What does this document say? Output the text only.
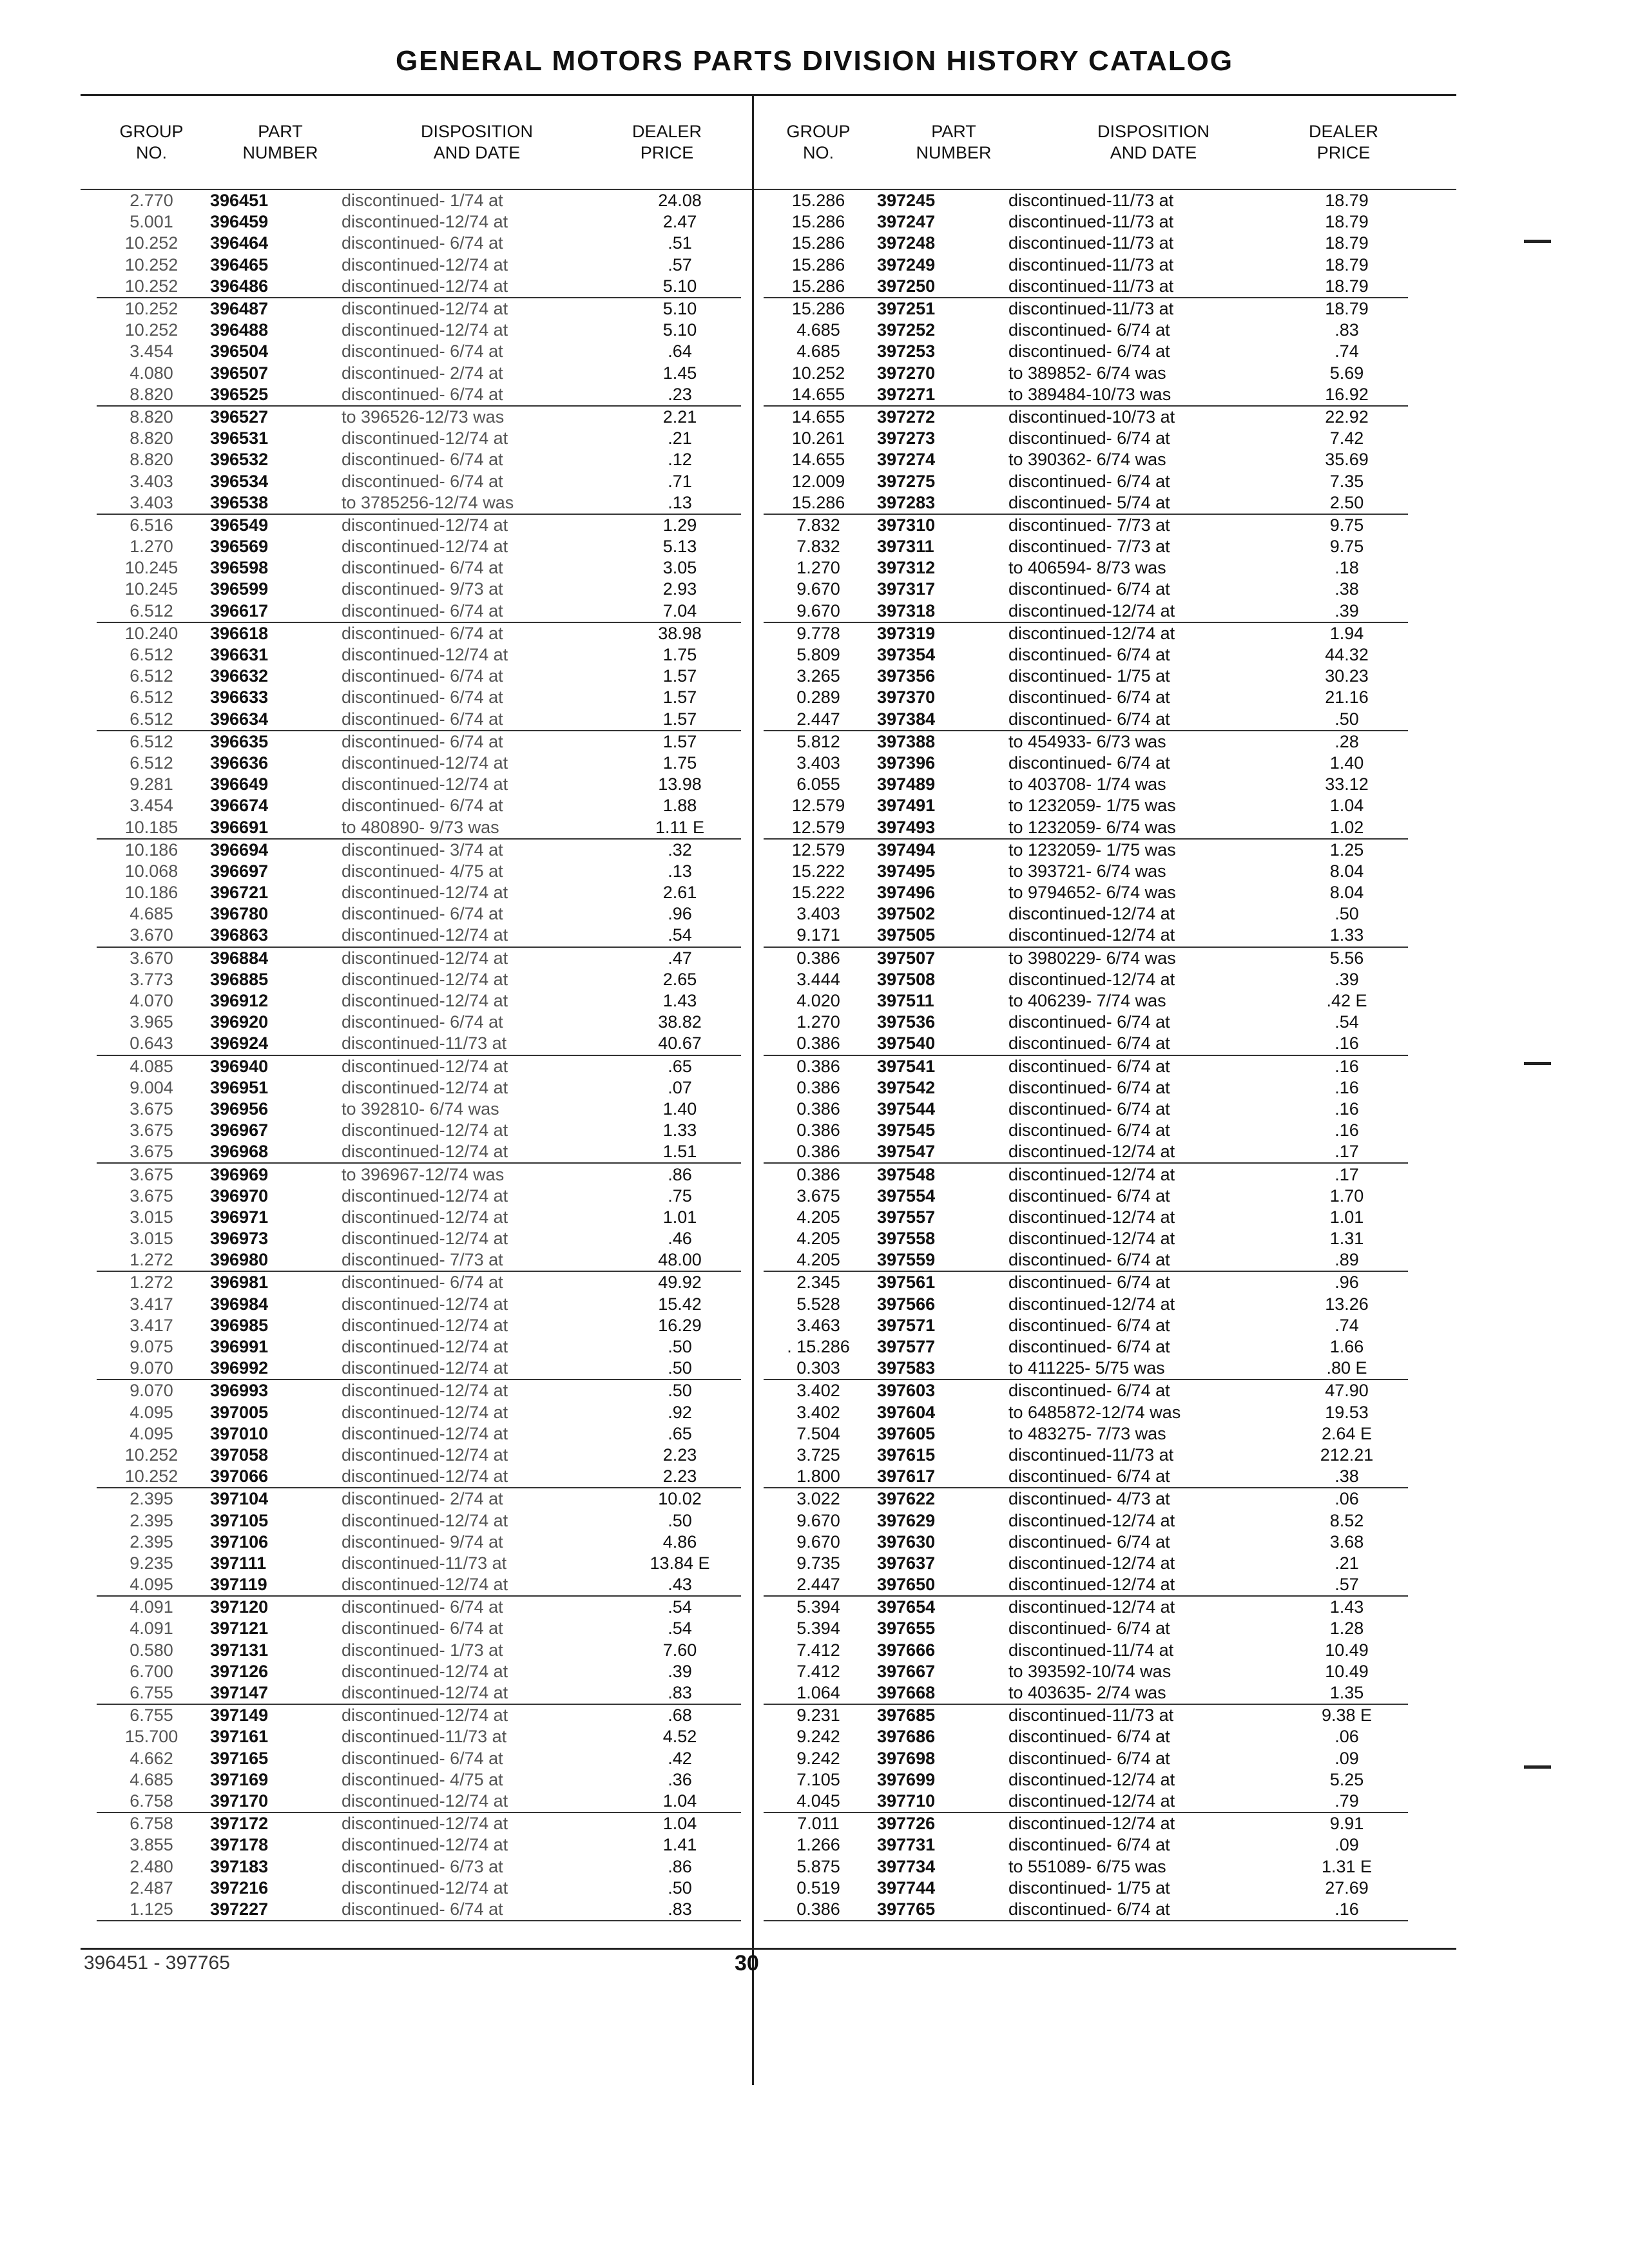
GENERAL MOTORS PARTS DIVISION HISTORY CATALOG
GROUP
NO.
PART
NUMBER
DISPOSITION
AND DATE
DEALER
PRICE
GROUP
NO.
PART
NUMBER
DISPOSITION
AND DATE
DEALER
PRICE
2.770	396451	discontinued- 1/74 at	24.08
5.001	396459	discontinued-12/74 at	2.47
10.252	396464	discontinued- 6/74 at	.51
10.252	396465	discontinued-12/74 at	.57
10.252	396486	discontinued-12/74 at	5.10
10.252	396487	discontinued-12/74 at	5.10
10.252	396488	discontinued-12/74 at	5.10
3.454	396504	discontinued- 6/74 at	.64
4.080	396507	discontinued- 2/74 at	1.45
8.820	396525	discontinued- 6/74 at	.23
8.820	396527	to 396526-12/73 was	2.21
8.820	396531	discontinued-12/74 at	.21
8.820	396532	discontinued- 6/74 at	.12
3.403	396534	discontinued- 6/74 at	.71
3.403	396538	to 3785256-12/74 was	.13
6.516	396549	discontinued-12/74 at	1.29
1.270	396569	discontinued-12/74 at	5.13
10.245	396598	discontinued- 6/74 at	3.05
10.245	396599	discontinued- 9/73 at	2.93
6.512	396617	discontinued- 6/74 at	7.04
10.240	396618	discontinued- 6/74 at	38.98
6.512	396631	discontinued-12/74 at	1.75
6.512	396632	discontinued- 6/74 at	1.57
6.512	396633	discontinued- 6/74 at	1.57
6.512	396634	discontinued- 6/74 at	1.57
6.512	396635	discontinued- 6/74 at	1.57
6.512	396636	discontinued-12/74 at	1.75
9.281	396649	discontinued-12/74 at	13.98
3.454	396674	discontinued- 6/74 at	1.88
10.185	396691	to 480890- 9/73 was	1.11 E
10.186	396694	discontinued- 3/74 at	.32
10.068	396697	discontinued- 4/75 at	.13
10.186	396721	discontinued-12/74 at	2.61
4.685	396780	discontinued- 6/74 at	.96
3.670	396863	discontinued-12/74 at	.54
3.670	396884	discontinued-12/74 at	.47
3.773	396885	discontinued-12/74 at	2.65
4.070	396912	discontinued-12/74 at	1.43
3.965	396920	discontinued- 6/74 at	38.82
0.643	396924	discontinued-11/73 at	40.67
4.085	396940	discontinued-12/74 at	.65
9.004	396951	discontinued-12/74 at	.07
3.675	396956	to 392810- 6/74 was	1.40
3.675	396967	discontinued-12/74 at	1.33
3.675	396968	discontinued-12/74 at	1.51
3.675	396969	to 396967-12/74 was	.86
3.675	396970	discontinued-12/74 at	.75
3.015	396971	discontinued-12/74 at	1.01
3.015	396973	discontinued-12/74 at	.46
1.272	396980	discontinued- 7/73 at	48.00
1.272	396981	discontinued- 6/74 at	49.92
3.417	396984	discontinued-12/74 at	15.42
3.417	396985	discontinued-12/74 at	16.29
9.075	396991	discontinued-12/74 at	.50
9.070	396992	discontinued-12/74 at	.50
9.070	396993	discontinued-12/74 at	.50
4.095	397005	discontinued-12/74 at	.92
4.095	397010	discontinued-12/74 at	.65
10.252	397058	discontinued-12/74 at	2.23
10.252	397066	discontinued-12/74 at	2.23
2.395	397104	discontinued- 2/74 at	10.02
2.395	397105	discontinued-12/74 at	.50
2.395	397106	discontinued- 9/74 at	4.86
9.235	397111	discontinued-11/73 at	13.84 E
4.095	397119	discontinued-12/74 at	.43
4.091	397120	discontinued- 6/74 at	.54
4.091	397121	discontinued- 6/74 at	.54
0.580	397131	discontinued- 1/73 at	7.60
6.700	397126	discontinued-12/74 at	.39
6.755	397147	discontinued-12/74 at	.83
6.755	397149	discontinued-12/74 at	.68
15.700	397161	discontinued-11/73 at	4.52
4.662	397165	discontinued- 6/74 at	.42
4.685	397169	discontinued- 4/75 at	.36
6.758	397170	discontinued-12/74 at	1.04
6.758	397172	discontinued-12/74 at	1.04
3.855	397178	discontinued-12/74 at	1.41
2.480	397183	discontinued- 6/73 at	.86
2.487	397216	discontinued-12/74 at	.50
1.125	397227	discontinued- 6/74 at	.83
15.286	397245	discontinued-11/73 at	18.79
15.286	397247	discontinued-11/73 at	18.79
15.286	397248	discontinued-11/73 at	18.79
15.286	397249	discontinued-11/73 at	18.79
15.286	397250	discontinued-11/73 at	18.79
15.286	397251	discontinued-11/73 at	18.79
4.685	397252	discontinued- 6/74 at	.83
4.685	397253	discontinued- 6/74 at	.74
10.252	397270	to 389852- 6/74 was	5.69
14.655	397271	to 389484-10/73 was	16.92
14.655	397272	discontinued-10/73 at	22.92
10.261	397273	discontinued- 6/74 at	7.42
14.655	397274	to 390362- 6/74 was	35.69
12.009	397275	discontinued- 6/74 at	7.35
15.286	397283	discontinued- 5/74 at	2.50
7.832	397310	discontinued- 7/73 at	9.75
7.832	397311	discontinued- 7/73 at	9.75
1.270	397312	to 406594- 8/73 was	.18
9.670	397317	discontinued- 6/74 at	.38
9.670	397318	discontinued-12/74 at	.39
9.778	397319	discontinued-12/74 at	1.94
5.809	397354	discontinued- 6/74 at	44.32
3.265	397356	discontinued- 1/75 at	30.23
0.289	397370	discontinued- 6/74 at	21.16
2.447	397384	discontinued- 6/74 at	.50
5.812	397388	to 454933- 6/73 was	.28
3.403	397396	discontinued- 6/74 at	1.40
6.055	397489	to 403708- 1/74 was	33.12
12.579	397491	to 1232059- 1/75 was	1.04
12.579	397493	to 1232059- 6/74 was	1.02
12.579	397494	to 1232059- 1/75 was	1.25
15.222	397495	to 393721- 6/74 was	8.04
15.222	397496	to 9794652- 6/74 was	8.04
3.403	397502	discontinued-12/74 at	.50
9.171	397505	discontinued-12/74 at	1.33
0.386	397507	to 3980229- 6/74 was	5.56
3.444	397508	discontinued-12/74 at	.39
4.020	397511	to 406239- 7/74 was	.42 E
1.270	397536	discontinued- 6/74 at	.54
0.386	397540	discontinued- 6/74 at	.16
0.386	397541	discontinued- 6/74 at	.16
0.386	397542	discontinued- 6/74 at	.16
0.386	397544	discontinued- 6/74 at	.16
0.386	397545	discontinued- 6/74 at	.16
0.386	397547	discontinued-12/74 at	.17
0.386	397548	discontinued-12/74 at	.17
3.675	397554	discontinued- 6/74 at	1.70
4.205	397557	discontinued-12/74 at	1.01
4.205	397558	discontinued-12/74 at	1.31
4.205	397559	discontinued- 6/74 at	.89
2.345	397561	discontinued- 6/74 at	.96
5.528	397566	discontinued-12/74 at	13.26
3.463	397571	discontinued- 6/74 at	.74
. 15.286	397577	discontinued- 6/74 at	1.66
0.303	397583	to 411225- 5/75 was	.80 E
3.402	397603	discontinued- 6/74 at	47.90
3.402	397604	to 6485872-12/74 was	19.53
7.504	397605	to 483275- 7/73 was	2.64 E
3.725	397615	discontinued-11/73 at	212.21
1.800	397617	discontinued- 6/74 at	.38
3.022	397622	discontinued- 4/73 at	.06
9.670	397629	discontinued-12/74 at	8.52
9.670	397630	discontinued- 6/74 at	3.68
9.735	397637	discontinued-12/74 at	.21
2.447	397650	discontinued-12/74 at	.57
5.394	397654	discontinued-12/74 at	1.43
5.394	397655	discontinued- 6/74 at	1.28
7.412	397666	discontinued-11/74 at	10.49
7.412	397667	to 393592-10/74 was	10.49
1.064	397668	to 403635- 2/74 was	1.35
9.231	397685	discontinued-11/73 at	9.38 E
9.242	397686	discontinued- 6/74 at	.06
9.242	397698	discontinued- 6/74 at	.09
7.105	397699	discontinued-12/74 at	5.25
4.045	397710	discontinued-12/74 at	.79
7.011	397726	discontinued-12/74 at	9.91
1.266	397731	discontinued- 6/74 at	.09
5.875	397734	to 551089- 6/75 was	1.31 E
0.519	397744	discontinued- 1/75 at	27.69
0.386	397765	discontinued- 6/74 at	.16
396451 - 397765	30
